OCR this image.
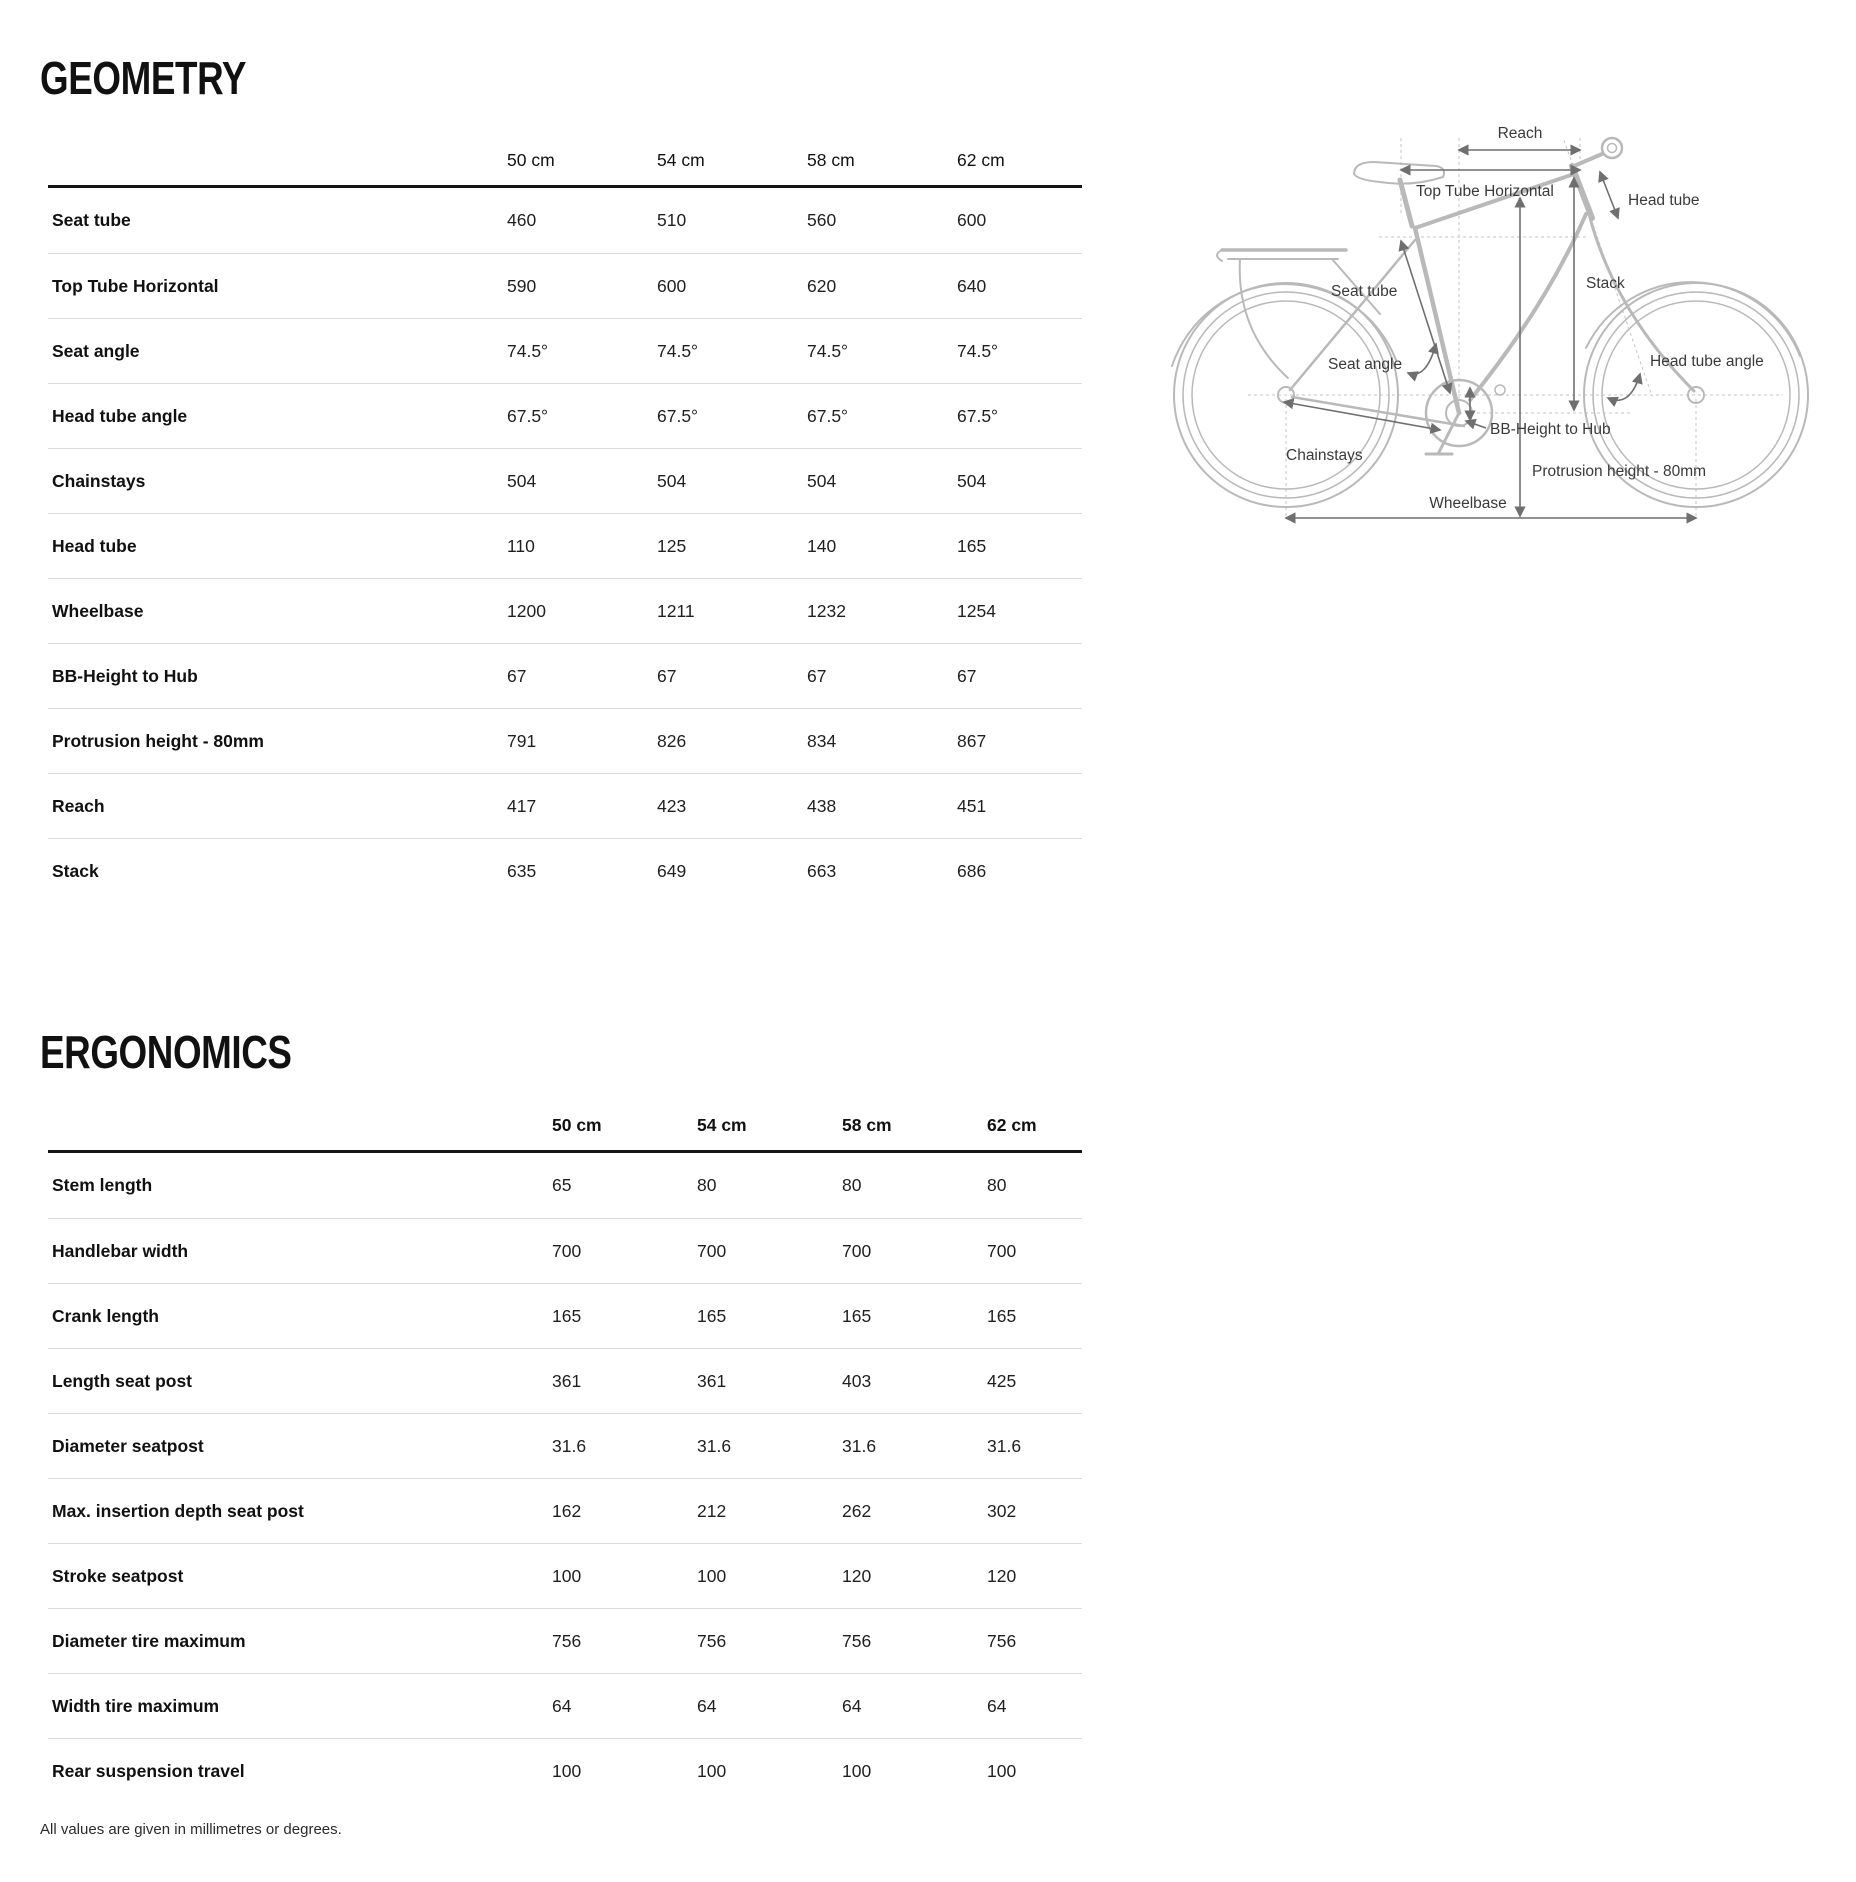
GEOMETRY
50 cm	54 cm	58 cm	62 cm
Seat tube	460	510	560	600
Top Tube Horizontal	590	600	620	640
Seat angle	74.5°	74.5°	74.5°	74.5°
Head tube angle	67.5°	67.5°	67.5°	67.5°
Chainstays	504	504	504	504
Head tube	110	125	140	165
Wheelbase	1200	1211	1232	1254
BB-Height to Hub	67	67	67	67
Protrusion height - 80mm	791	826	834	867
Reach	417	423	438	451
Stack	635	649	663	686
ERGONOMICS
50 cm	54 cm	58 cm	62 cm
Stem length	65	80	80	80
Handlebar width	700	700	700	700
Crank length	165	165	165	165
Length seat post	361	361	403	425
Diameter seatpost	31.6	31.6	31.6	31.6
Max. insertion depth seat post	162	212	262	302
Stroke seatpost	100	100	120	120
Diameter tire maximum	756	756	756	756
Width tire maximum	64	64	64	64
Rear suspension travel	100	100	100	100
Reach
Top Tube Horizontal
Head tube
Seat tube	Stack
Seat angle	Head tube angle
BB-Height to Hub
Chainstays
Protrusion height - 80mm
Wheelbase
All values are given in millimetres or degrees.
